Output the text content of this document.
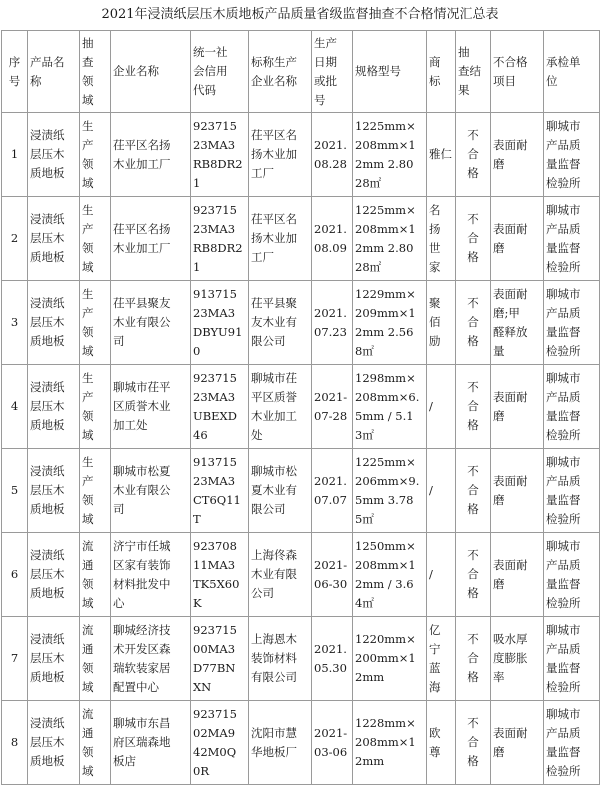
2021年浸渍纸层压木质地板产品质量省级监督抽查不合格情况汇总表
序
号	产品名
称	抽
查
领
域	企业名称	统一社
会信用
代码	标称生产
企业名称	生产
日期
或批
号	规格型号	商
标	抽
查结
果	不合格
项目	承检单
位
1	浸渍纸
层压木
质地板	生
产
领
域	茌平区名扬
木业加工厂	923715
23MA3
RB8DR2
1	茌平区名
扬木业加
工厂	2021.
08.28	1225mm×
208mm×1
2mm 2.80
28㎡	雅仁	不
合
格	表面耐
磨	聊城市
产品质
量监督
检验所
2	浸渍纸
层压木
质地板	生
产
领
域	茌平区名扬
木业加工厂	923715
23MA3
RB8DR2
1	茌平区名
扬木业加
工厂	2021.
08.09	1225mm×
208mm×1
2mm 2.80
28㎡	名
扬
世
家	不
合
格	表面耐
磨	聊城市
产品质
量监督
检验所
3	浸渍纸
层压木
质地板	生
产
领
域	茌平县聚友
木业有限公
司	913715
23MA3
DBYU91
0	茌平县聚
友木业有
限公司	2021.
07.23	1229mm×
209mm×1
2mm 2.56
8㎡	聚
佰
励	不
合
格	表面耐
磨;甲
醛释放
量	聊城市
产品质
量监督
检验所
4	浸渍纸
层压木
质地板	生
产
领
域	聊城市茌平
区质誉木业
加工处	923715
23MA3
UBEXD
46	聊城市茌
平区质誉
木业加工
处	2021-
07-28	1298mm×
208mm×6.
5mm / 5.1
3㎡	/	不
合
格	表面耐
磨	聊城市
产品质
量监督
检验所
5	浸渍纸
层压木
质地板	生
产
领
域	聊城市松夏
木业有限公
司	913715
23MA3
CT6Q11
T	聊城市松
夏木业有
限公司	2021.
07.07	1225mm×
206mm×9.
5mm 3.78
5㎡	/	不
合
格	表面耐
磨	聊城市
产品质
量监督
检验所
6	浸渍纸
层压木
质地板	流
通
领
域	济宁市任城
区家有装饰
材料批发中
心	923708
11MA3
TK5X60
K	上海佟森
木业有限
公司	2021-
06-30	1250mm×
208mm×1
2mm / 3.6
4㎡	/	不
合
格	表面耐
磨	聊城市
产品质
量监督
检验所
7	浸渍纸
层压木
质地板	流
通
领
域	聊城经济技
术开发区森
瑞软装家居
配置中心	923715
00MA3
D77BN
XN	上海恩木
装饰材料
有限公司	2021.
05.30	1220mm×
200mm×1
2mm	亿
宁
蓝
海	不
合
格	吸水厚
度膨胀
率	聊城市
产品质
量监督
检验所
8	浸渍纸
层压木
质地板	流
通
领
域	聊城市东昌
府区瑞森地
板店	923715
02MA9
42M0Q
0R	沈阳市慧
华地板厂	2021-
03-06	1228mm×
208mm×1
2mm	欧
尊	不
合
格	表面耐
磨	聊城市
产品质
量监督
检验所
